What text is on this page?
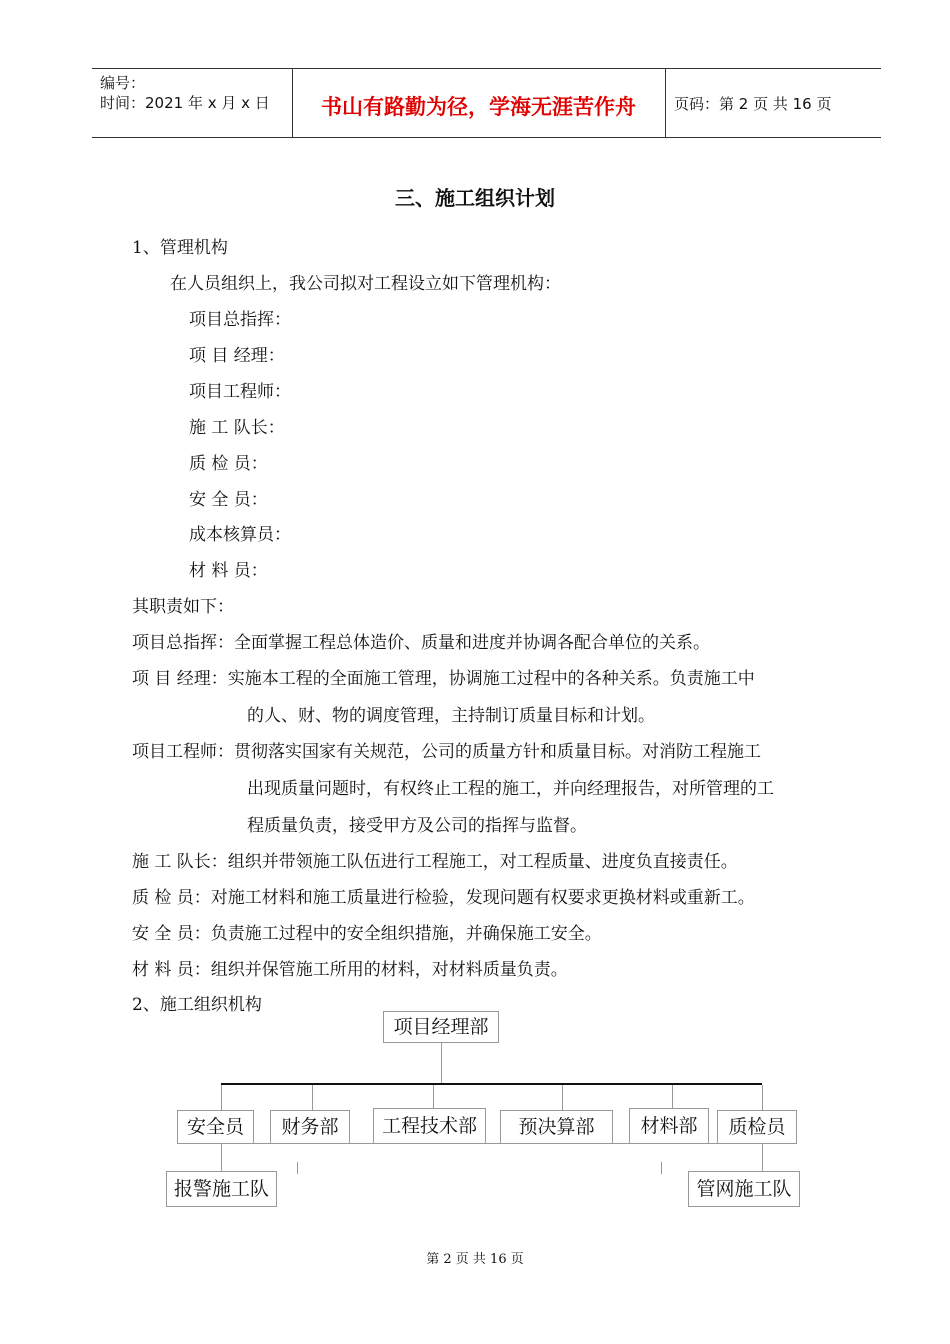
编号：
时间：2021 年 x 月 x 日	书山有路勤为径，学海无涯苦作舟	页码：第 2 页 共 16 页
三、施工组织计划
1、管理机构
在人员组织上，我公司拟对工程设立如下管理机构：
项目总指挥：
项 目 经理：
项目工程师：
施 工 队长：
质 检 员：
安 全 员：
成本核算员：
材 料 员：
其职责如下：
项目总指挥：全面掌握工程总体造价、质量和进度并协调各配合单位的关系。
项 目 经理：实施本工程的全面施工管理，协调施工过程中的各种关系。负责施工中
的人、财、物的调度管理，主持制订质量目标和计划。
项目工程师：贯彻落实国家有关规范，公司的质量方针和质量目标。对消防工程施工
出现质量问题时，有权终止工程的施工，并向经理报告，对所管理的工
程质量负责，接受甲方及公司的指挥与监督。
施 工 队长：组织并带领施工队伍进行工程施工，对工程质量、进度负直接责任。
质 检 员：对施工材料和施工质量进行检验，发现问题有权要求更换材料或重新工。
安 全 员：负责施工过程中的安全组织措施，并确保施工安全。
材 料 员：组织并保管施工所用的材料，对材料质量负责。
2、施工组织机构
项目经理部
安全员	财务部	工程技术部	预决算部	材料部	质检员
报警施工队	管网施工队
第 2 页 共 16 页
